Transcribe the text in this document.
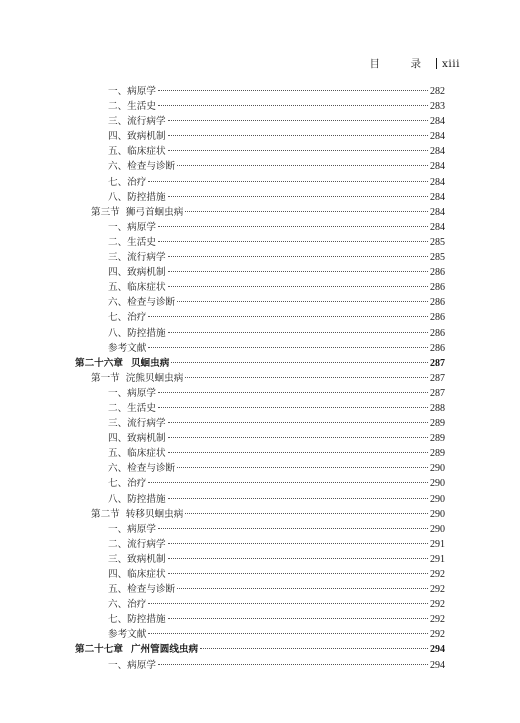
目　录 xiii
一、病原学	282
二、生活史	283
三、流行病学	284
四、致病机制	284
五、临床症状	284
六、检查与诊断	284
七、治疗	284
八、防控措施	284
第三节 狮弓首蛔虫病	284
一、病原学	284
二、生活史	285
三、流行病学	285
四、致病机制	286
五、临床症状	286
六、检查与诊断	286
七、治疗	286
八、防控措施	286
参考文献	286
第二十六章 贝蛔虫病	287
第一节 浣熊贝蛔虫病	287
一、病原学	287
二、生活史	288
三、流行病学	289
四、致病机制	289
五、临床症状	289
六、检查与诊断	290
七、治疗	290
八、防控措施	290
第二节 转移贝蛔虫病	290
一、病原学	290
二、流行病学	291
三、致病机制	291
四、临床症状	292
五、检查与诊断	292
六、治疗	292
七、防控措施	292
参考文献	292
第二十七章 广州管圆线虫病	294
一、病原学	294
